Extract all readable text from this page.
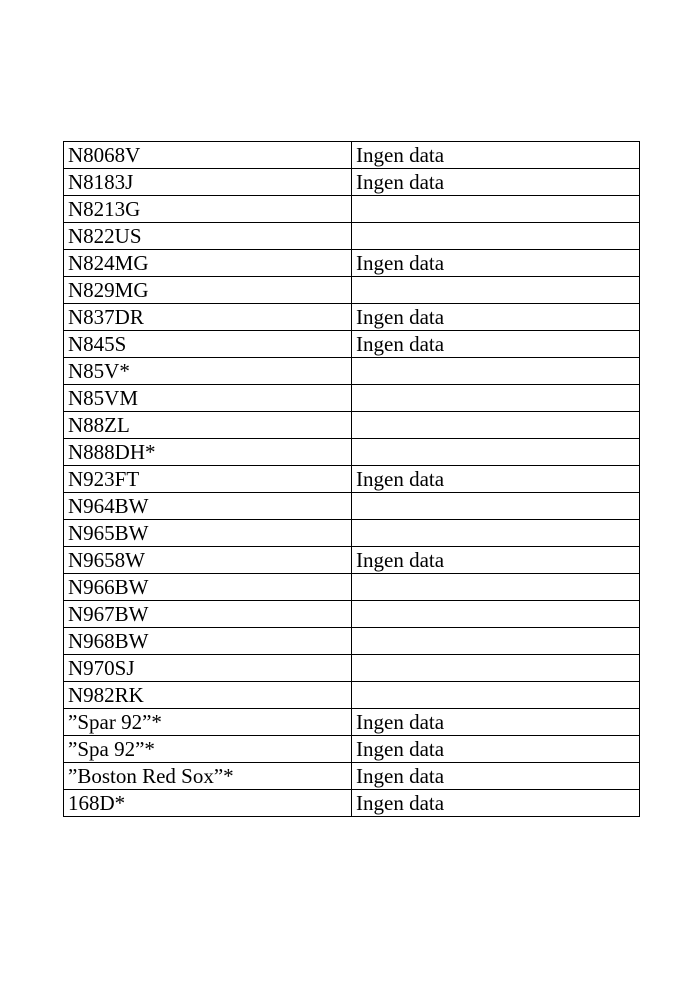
N8068V	Ingen data
N8183J	Ingen data
N8213G	
N822US	
N824MG	Ingen data
N829MG	
N837DR	Ingen data
N845S	Ingen data
N85V*	
N85VM	
N88ZL	
N888DH*	
N923FT	Ingen data
N964BW	
N965BW	
N9658W	Ingen data
N966BW	
N967BW	
N968BW	
N970SJ	
N982RK	
”Spar 92”*	Ingen data
”Spa 92”*	Ingen data
”Boston Red Sox”*	Ingen data
168D*	Ingen data
